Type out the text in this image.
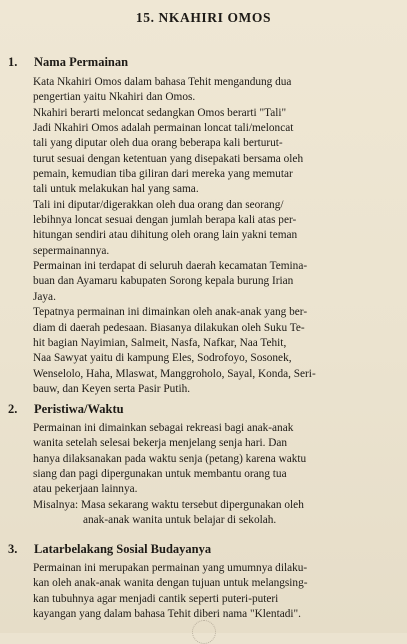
15. NKAHIRI OMOS
1. Nama Permainan
Kata Nkahiri Omos dalam bahasa Tehit mengandung dua
pengertian yaitu Nkahiri dan Omos.
Nkahiri berarti meloncat sedangkan Omos berarti "Tali"
Jadi Nkahiri Omos adalah permainan loncat tali/meloncat
tali yang diputar oleh dua orang beberapa kali berturut-
turut sesuai dengan ketentuan yang disepakati bersama oleh
pemain, kemudian tiba giliran dari mereka yang memutar
tali untuk melakukan hal yang sama.
Tali ini diputar/digerakkan oleh dua orang dan seorang/
lebihnya loncat sesuai dengan jumlah berapa kali atas per-
hitungan sendiri atau dihitung oleh orang lain yakni teman
sepermainannya.
Permainan ini terdapat di seluruh daerah kecamatan Temina-
buan dan Ayamaru kabupaten Sorong kepala burung Irian
Jaya.
Tepatnya permainan ini dimainkan oleh anak-anak yang ber-
diam di daerah pedesaan. Biasanya dilakukan oleh Suku Te-
hit bagian Nayimian, Salmeit, Nasfa, Nafkar, Naa Tehit,
Naa Sawyat yaitu di kampung Eles, Sodrofoyo, Sosonek,
Wenselolo, Haha, Mlaswat, Manggroholo, Sayal, Konda, Seri-
bauw, dan Keyen serta Pasir Putih.
2. Peristiwa/Waktu
Permainan ini dimainkan sebagai rekreasi bagi anak-anak
wanita setelah selesai bekerja menjelang senja hari. Dan
hanya dilaksanakan pada waktu senja (petang) karena waktu
siang dan pagi dipergunakan untuk membantu orang tua
atau pekerjaan lainnya.
Misalnya: Masa sekarang waktu tersebut dipergunakan oleh
anak-anak wanita untuk belajar di sekolah.
3. Latarbelakang Sosial Budayanya
Permainan ini merupakan permainan yang umumnya dilaku-
kan oleh anak-anak wanita dengan tujuan untuk melangsing-
kan tubuhnya agar menjadi cantik seperti puteri-puteri
kayangan yang dalam bahasa Tehit diberi nama "Klentadi".
